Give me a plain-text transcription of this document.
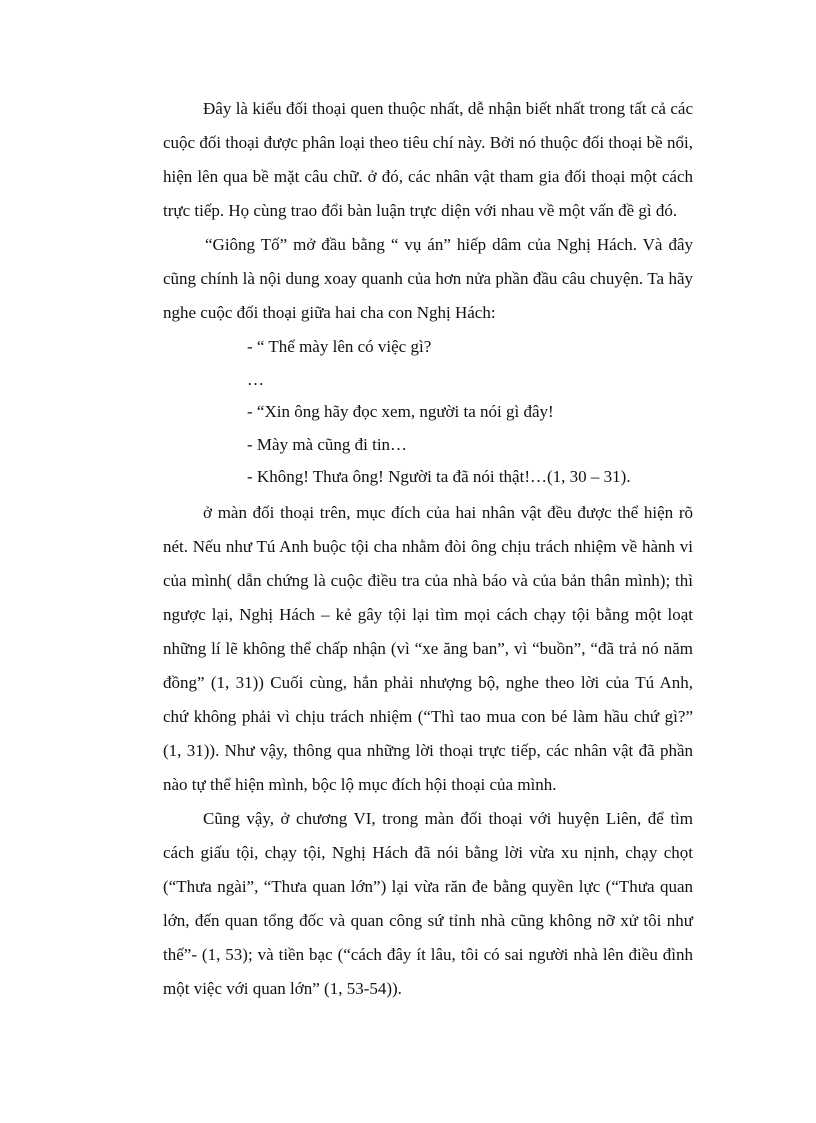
Đây là kiểu đối thoại quen thuộc nhất, dễ nhận biết nhất trong tất cả các cuộc đối thoại được phân loại theo tiêu chí này. Bởi nó thuộc đối thoại bề nổi, hiện lên qua bề mặt câu chữ. ở đó, các nhân vật tham gia đối thoại một cách trực tiếp. Họ cùng trao đổi bàn luận trực diện với nhau về một vấn đề gì đó.

“Giông Tố” mở đầu bằng “ vụ án” hiếp dâm của Nghị Hách. Và đây cũng chính là nội dung xoay quanh của hơn nửa phần đầu câu chuyện. Ta hãy nghe cuộc đối thoại giữa hai cha con Nghị Hách:

- “ Thế mày lên có việc gì?

…

- “Xin ông hãy đọc xem, người ta nói gì đây!

- Mày mà cũng đi tin…

- Không! Thưa ông! Người ta đã nói thật!…(1, 30 – 31).

ở màn đối thoại trên, mục đích của hai nhân vật đều được thể hiện rõ nét. Nếu như Tú Anh buộc tội cha nhằm đòi ông chịu trách nhiệm về hành vi của mình( dẫn chứng là cuộc điều tra của nhà báo và của bản thân mình); thì ngược lại, Nghị Hách – kẻ gây tội lại tìm mọi cách chạy tội bằng một loạt những lí lẽ không thể chấp nhận (vì “xe ăng ban”, vì “buồn”, “đã trả nó năm đồng” (1, 31)) Cuối cùng, hắn phải nhượng bộ, nghe theo lời của Tú Anh, chứ không phải vì chịu trách nhiệm (“Thì tao mua con bé làm hầu chứ gì?” (1, 31)). Như vậy, thông qua những lời thoại trực tiếp, các nhân vật đã phần nào tự thể hiện mình, bộc lộ mục đích hội thoại của mình.

Cũng vậy, ở chương VI, trong màn đối thoại với huyện Liên, để tìm cách giấu tội, chạy tội, Nghị Hách đã nói bằng lời vừa xu nịnh, chạy chọt (“Thưa ngài”, “Thưa quan lớn”) lại vừa răn đe bằng quyền lực (“Thưa quan lớn, đến quan tổng đốc và quan công sứ tỉnh nhà cũng không nỡ xử tôi như thế”- (1, 53); và tiền bạc (“cách đây ít lâu, tôi có sai người nhà lên điều đình một việc với quan lớn” (1, 53-54)).
